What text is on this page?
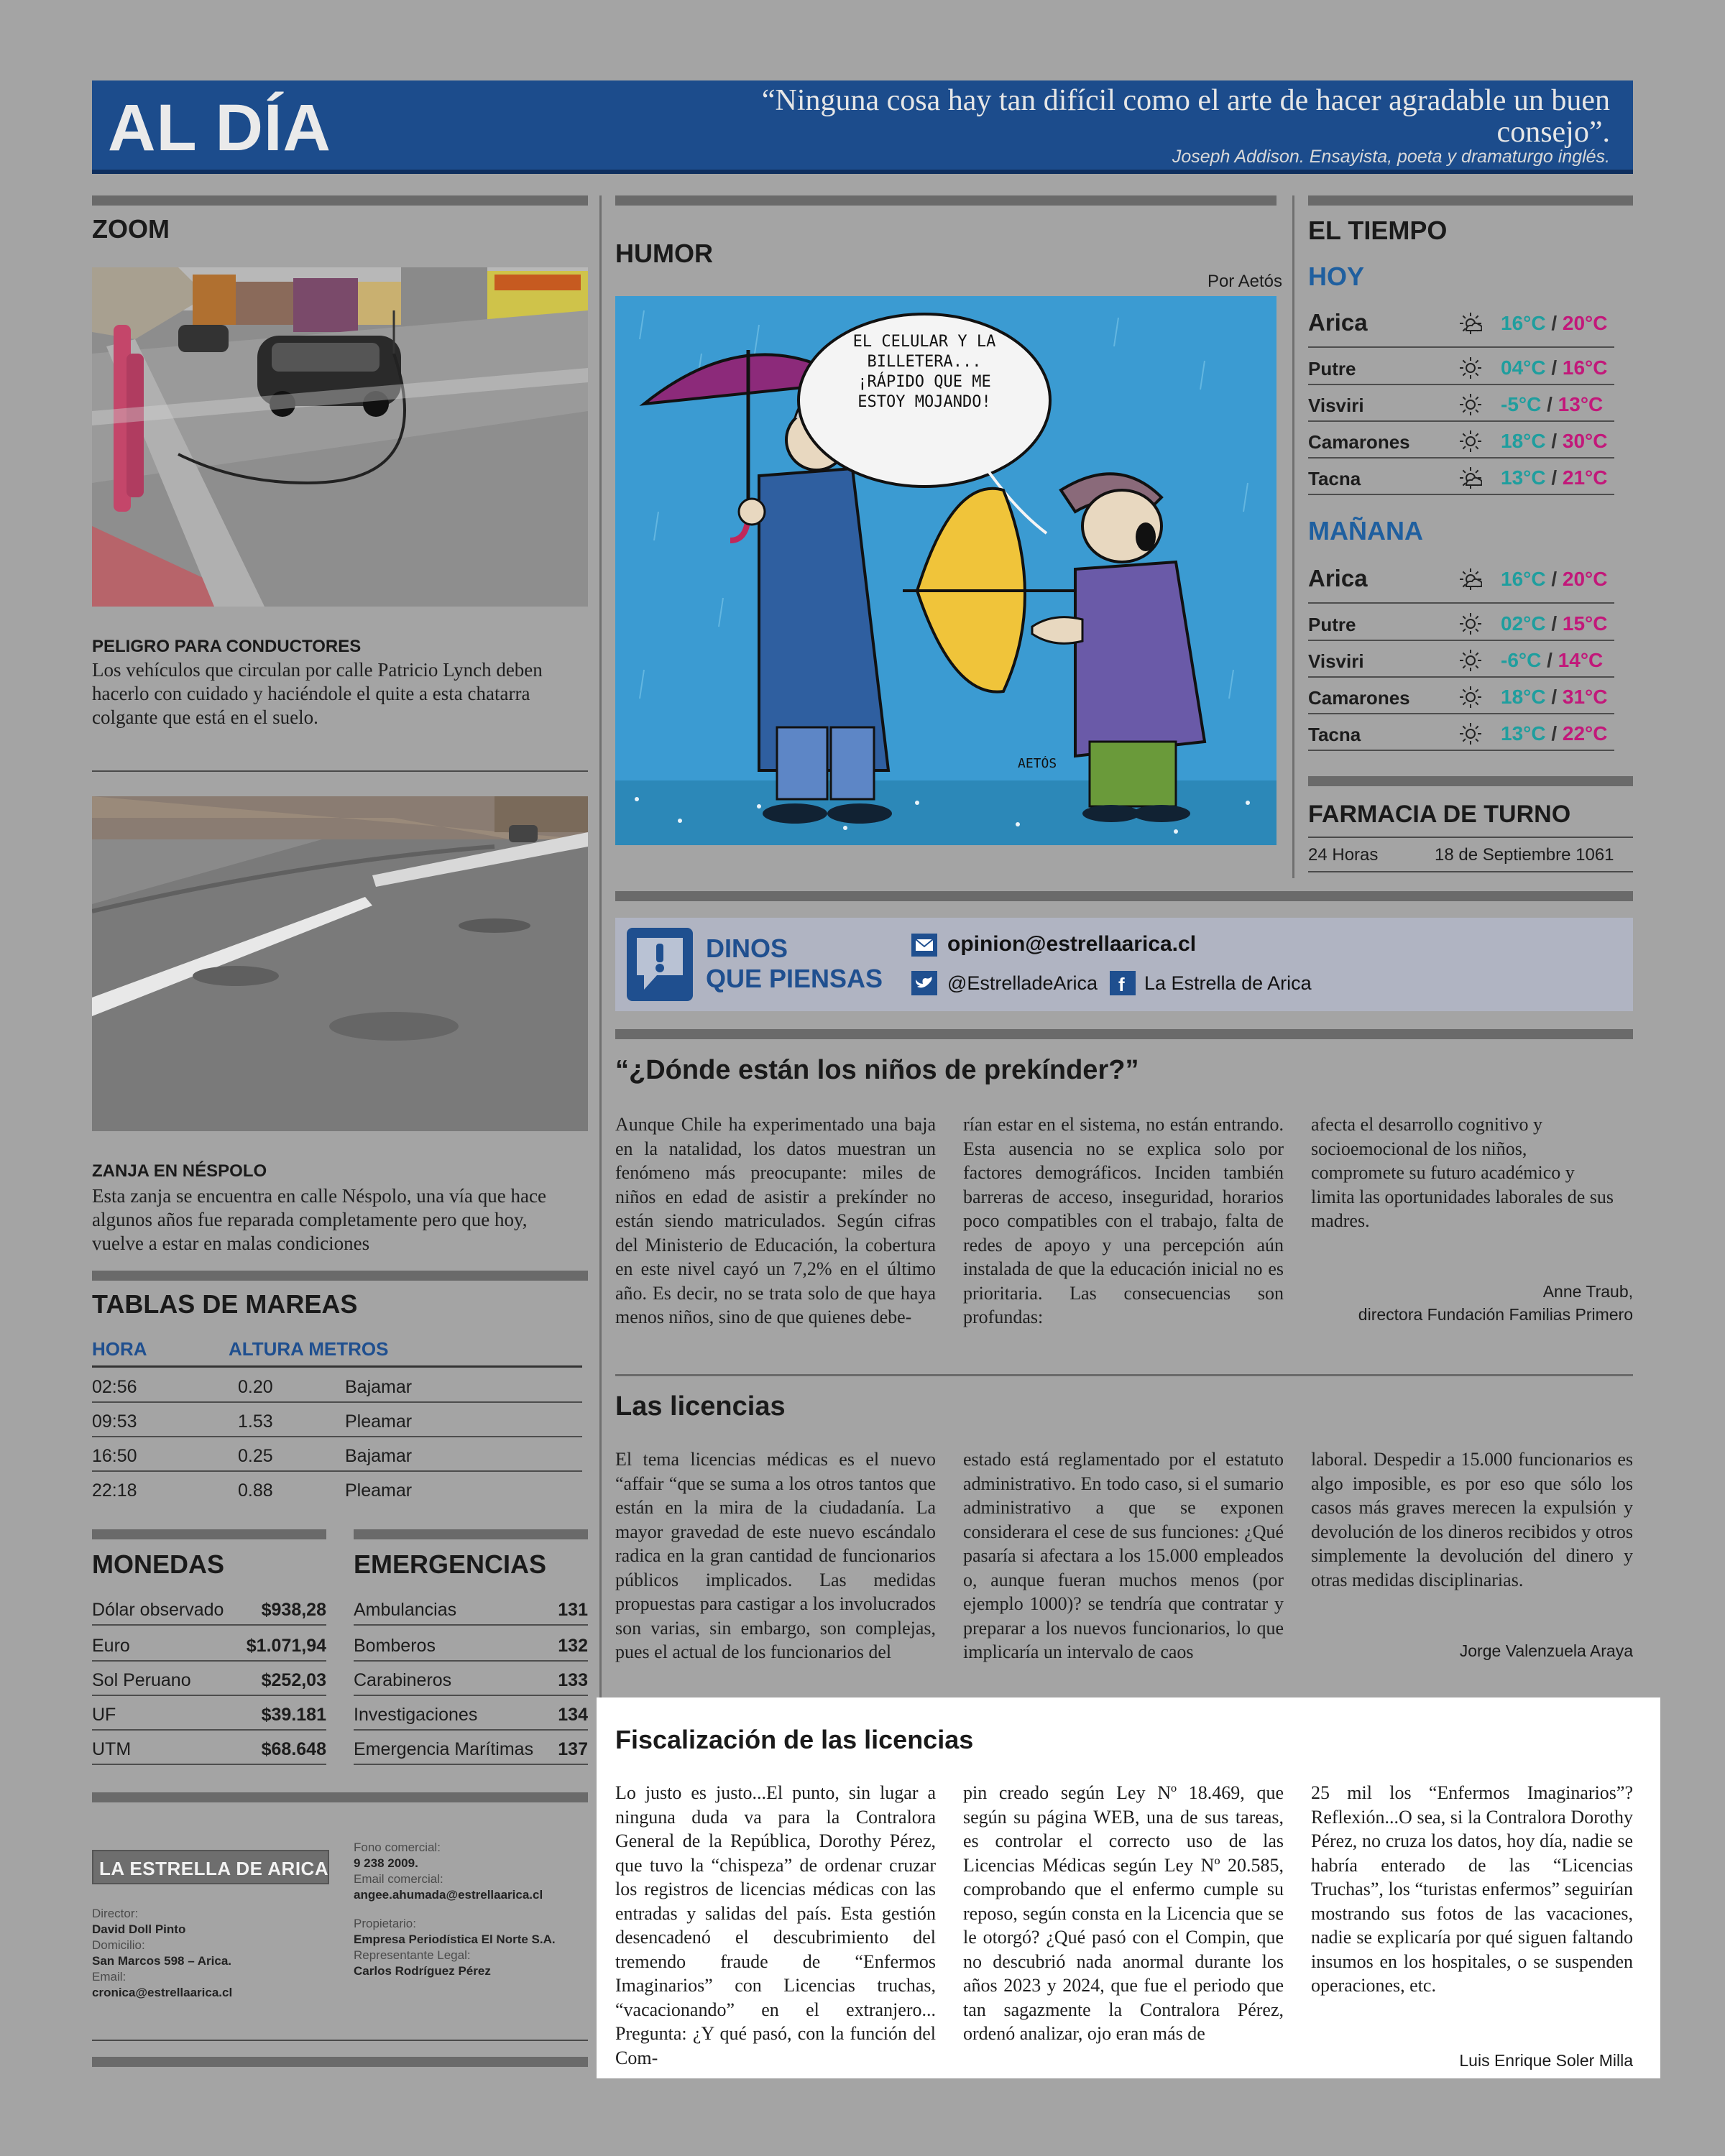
AL DÍA	“Ninguna cosa hay tan difícil como el arte de hacer agradable un buen consejo”.
Joseph Addison. Ensayista, poeta y dramaturgo inglés.
ZOOM
PELIGRO PARA CONDUCTORES
Los vehículos que circulan por calle Patricio Lynch deben hacerlo con cuidado y haciéndole el quite a esta chatarra colgante que está en el suelo.
ZANJA EN NÉSPOLO
Esta zanja se encuentra en calle Néspolo, una vía que hace algunos años fue reparada completamente pero que hoy, vuelve a estar en malas condiciones
TABLAS DE MAREAS
HORA	ALTURA METROS
02:56	0.20	Bajamar
09:53	1.53	Pleamar
16:50	0.25	Bajamar
22:18	0.88	Pleamar
MONEDAS
Dólar observado $938,28
Euro	$1.071,94
Sol Peruano	$252,03
UF	$39.181
UTM	$68.648
EMERGENCIAS
Ambulancias	131
Bomberos	132
Carabineros	133
Investigaciones	134
Emergencia Marítimas 137
LA ESTRELLA DE ARICA
Director:
David Doll Pinto
Domicilio:
San Marcos 598 – Arica.
Email:
cronica@estrellaarica.cl
Fono comercial:
9 238 2009.
Email comercial:
angee.ahumada@estrellaarica.cl
Propietario:
Empresa Periodística El Norte S.A.
Representante Legal:
Carlos Rodríguez Pérez
HUMOR
Por Aetós
EL CELULAR Y LA BILLETERA... ¡RÁPIDO QUE ME ESTOY MOJANDO!
AETÓS
EL TIEMPO
HOY
Arica	16°C / 20°C
Putre	04°C / 16°C
Visviri	-5°C / 13°C
Camarones	18°C / 30°C
Tacna	13°C / 21°C
MAÑANA
Arica	16°C / 20°C
Putre	02°C / 15°C
Visviri	-6°C / 14°C
Camarones	18°C / 31°C
Tacna	13°C / 22°C
FARMACIA DE TURNO
24 Horas	18 de Septiembre 1061
DINOS
QUE PIENSAS
opinion@estrellaarica.cl
@EstrelladeArica f La Estrella de Arica
“¿Dónde están los niños de prekínder?”
Aunque Chile ha experimentado una baja en la natalidad, los datos muestran un fenómeno más preocupante: miles de niños en edad de asistir a prekínder no están siendo matriculados. Según cifras del Ministerio de Educación, la cobertura en este nivel cayó un 7,2% en el último año. Es decir, no se trata solo de que haya menos niños, sino de que quienes debe-
rían estar en el sistema, no están entrando. Esta ausencia no se explica solo por factores demográficos. Inciden también barreras de acceso, inseguridad, horarios poco compatibles con el trabajo, falta de redes de apoyo y una percepción aún instalada de que la educación inicial no es prioritaria. Las consecuencias son profundas:
afecta el desarrollo cognitivo y socioemocional de los niños, compromete su futuro académico y limita las oportunidades laborales de sus madres.
Anne Traub,
directora Fundación Familias Primero
Las licencias
El tema licencias médicas es el nuevo “affair “que se suma a los otros tantos que están en la mira de la ciudadanía. La mayor gravedad de este nuevo escándalo radica en la gran cantidad de funcionarios públicos implicados. Las medidas propuestas para castigar a los involucrados son varias, sin embargo, son complejas, pues el actual de los funcionarios del
estado está reglamentado por el estatuto administrativo. En todo caso, si el sumario administrativo a que se exponen considerara el cese de sus funciones: ¿Qué pasaría si afectara a los 15.000 empleados o, aunque fueran muchos menos (por ejemplo 1000)? se tendría que contratar y preparar a los nuevos funcionarios, lo que implicaría un intervalo de caos
laboral. Despedir a 15.000 funcionarios es algo imposible, es por eso que sólo los casos más graves merecen la expulsión y devolución de los dineros recibidos y otros simplemente la devolución del dinero y otras medidas disciplinarias.
Jorge Valenzuela Araya
Fiscalización de las licencias
Lo justo es justo...El punto, sin lugar a ninguna duda va para la Contralora General de la República, Dorothy Pérez, que tuvo la “chispeza” de ordenar cruzar los registros de licencias médicas con las entradas y salidas del país. Esta gestión desencadenó el descubrimiento del tremendo fraude de “Enfermos Imaginarios” con Licencias truchas, “vacacionando” en el extranjero... Pregunta: ¿Y qué pasó, con la función del Com-
pin creado según Ley Nº 18.469, que según su página WEB, una de sus tareas, es controlar el correcto uso de las Licencias Médicas según Ley Nº 20.585, comprobando que el enfermo cumple su reposo, según consta en la Licencia que se le otorgó? ¿Qué pasó con el Compin, que no descubrió nada anormal durante los años 2023 y 2024, que fue el periodo que tan sagazmente la Contralora Pérez, ordenó analizar, ojo eran más de
25 mil los “Enfermos Imaginarios”? Reflexión...O sea, si la Contralora Dorothy Pérez, no cruza los datos, hoy día, nadie se habría enterado de las “Licencias Truchas”, los “turistas enfermos” seguirían mostrando sus fotos de las vacaciones, nadie se explicaría por qué siguen faltando insumos en los hospitales, o se suspenden operaciones, etc.
Luis Enrique Soler Milla
